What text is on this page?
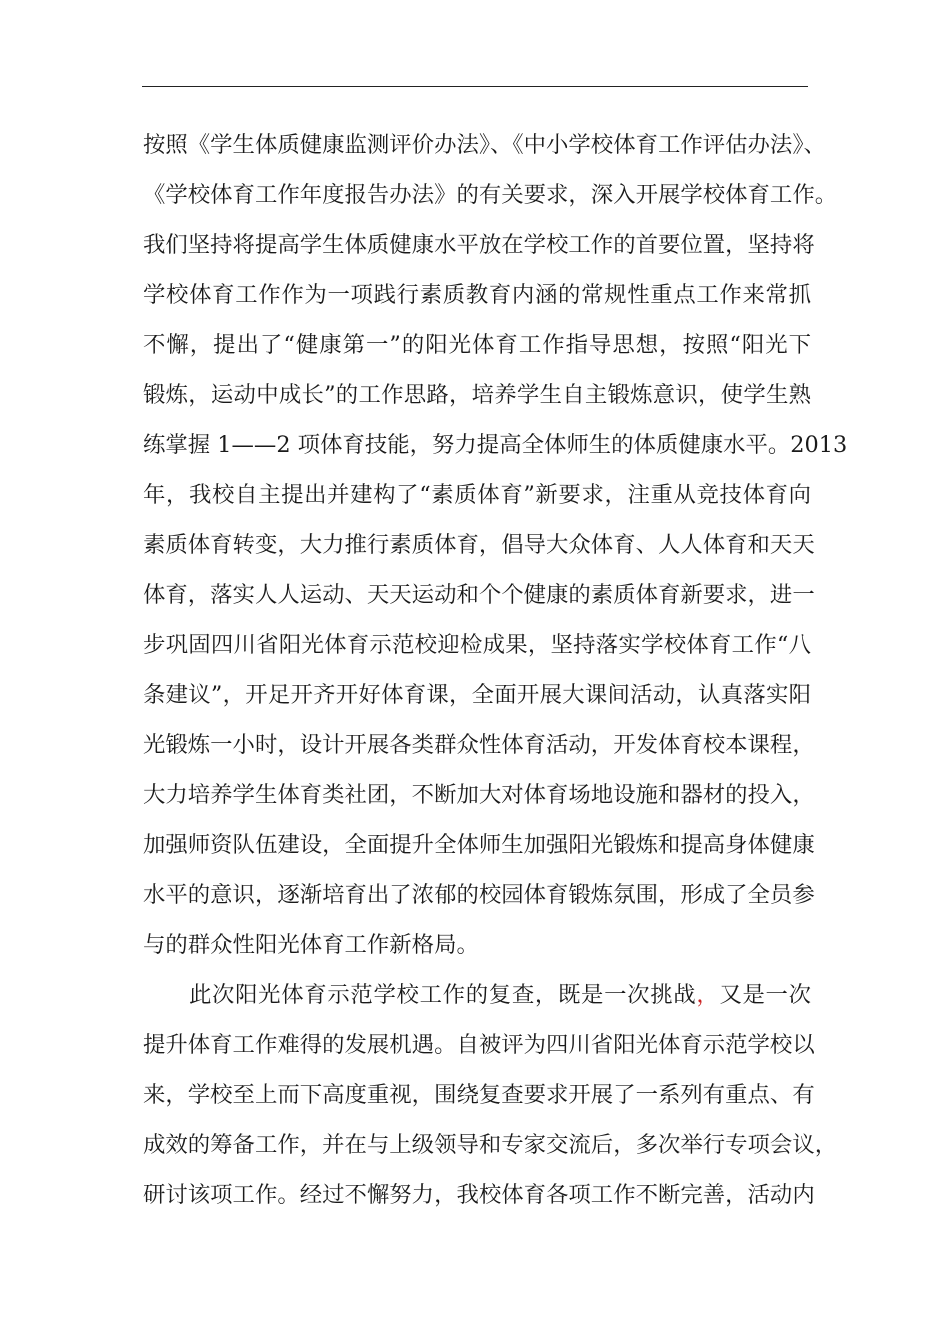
按照《学生体质健康监测评价办法》、《中小学校体育工作评估办法》、
《学校体育工作年度报告办法》的有关要求，深入开展学校体育工作。
我们坚持将提高学生体质健康水平放在学校工作的首要位置，坚持将
学校体育工作作为一项践行素质教育内涵的常规性重点工作来常抓
不懈，提出了“健康第一”的阳光体育工作指导思想，按照“阳光下
锻炼，运动中成长”的工作思路，培养学生自主锻炼意识，使学生熟
练掌握 1——2 项体育技能，努力提高全体师生的体质健康水平。2013
年，我校自主提出并建构了“素质体育”新要求，注重从竞技体育向
素质体育转变，大力推行素质体育，倡导大众体育、人人体育和天天
体育，落实人人运动、天天运动和个个健康的素质体育新要求，进一
步巩固四川省阳光体育示范校迎检成果，坚持落实学校体育工作“八
条建议”，开足开齐开好体育课，全面开展大课间活动，认真落实阳
光锻炼一小时，设计开展各类群众性体育活动，开发体育校本课程，
大力培养学生体育类社团，不断加大对体育场地设施和器材的投入，
加强师资队伍建设，全面提升全体师生加强阳光锻炼和提高身体健康
水平的意识，逐渐培育出了浓郁的校园体育锻炼氛围，形成了全员参
与的群众性阳光体育工作新格局。
此次阳光体育示范学校工作的复查，既是一次挑战，又是一次
提升体育工作难得的发展机遇。自被评为四川省阳光体育示范学校以
来，学校至上而下高度重视，围绕复查要求开展了一系列有重点、有
成效的筹备工作，并在与上级领导和专家交流后，多次举行专项会议，
研讨该项工作。经过不懈努力，我校体育各项工作不断完善，活动内
